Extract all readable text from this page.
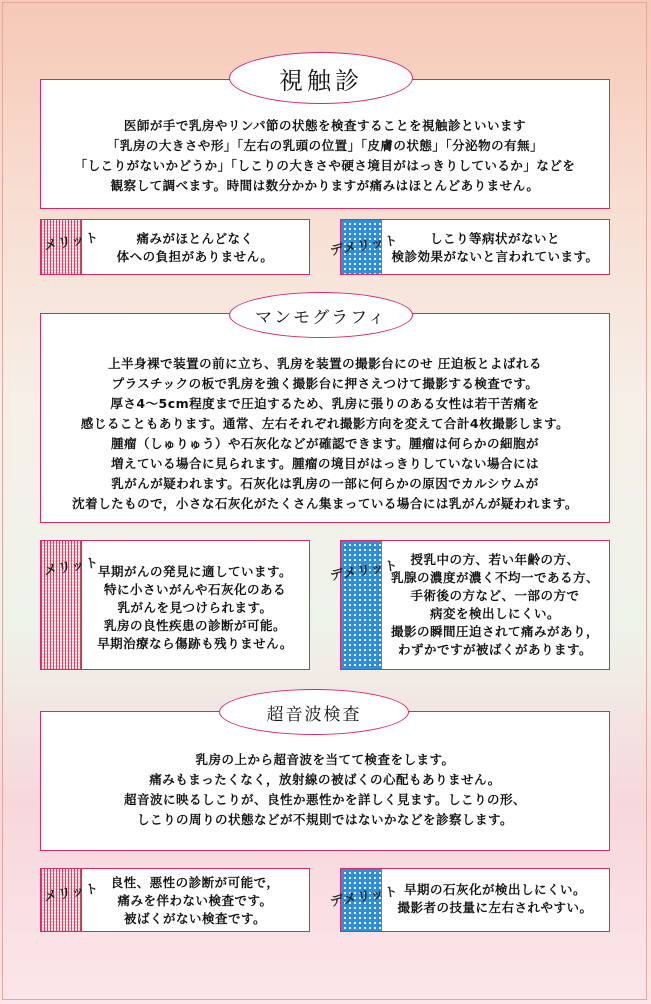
医師が手で乳房やリンパ節の状態を検査することを視触診といいます
「乳房の大きさや形」「左右の乳頭の位置」「皮膚の状態」「分泌物の有無」
「しこりがないかどうか」「しこりの大きさや硬さ境目がはっきりしているか」などを
観察して調べます。時間は数分かかりますが痛みはほとんどありません。
視触診
痛みがほとんどなく
体への負担がありません。
メリット	しこり等病状がないと
検診効果がないと言われています。
デメリット
上半身裸で装置の前に立ち、乳房を装置の撮影台にのせ 圧迫板とよばれる
プラスチックの板で乳房を強く撮影台に押さえつけて撮影する検査です。
厚さ4～5cm程度まで圧迫するため、乳房に張りのある女性は若干苦痛を
感じることもあります。通常、左右それぞれ撮影方向を変えて合計4枚撮影します。
腫瘤（しゅりゅう）や石灰化などが確認できます。腫瘤は何らかの細胞が
増えている場合に見られます。腫瘤の境目がはっきりしていない場合には
乳がんが疑われます。石灰化は乳房の一部に何らかの原因でカルシウムが
沈着したもので，小さな石灰化がたくさん集まっている場合には乳がんが疑われます。
マンモグラフィ
早期がんの発見に適しています。
特に小さいがんや石灰化のある
乳がんを見つけられます。
乳房の良性疾患の診断が可能。
早期治療なら傷跡も残りません。
メリット	授乳中の方、若い年齢の方、
乳腺の濃度が濃く不均一である方、
手術後の方など、一部の方で
病変を検出しにくい。
撮影の瞬間圧迫されて痛みがあり，
わずかですが被ばくがあります。
デメリット
乳房の上から超音波を当てて検査をします。
痛みもまったくなく，放射線の被ばくの心配もありません。
超音波に映るしこりが、良性か悪性かを詳しく見ます。しこりの形、
しこりの周りの状態などが不規則ではないかなどを診察します。
超音波検査
良性、悪性の診断が可能で，
痛みを伴わない検査です。
被ばくがない検査です。
メリット	早期の石灰化が検出しにくい。
撮影者の技量に左右されやすい。
デメリット
